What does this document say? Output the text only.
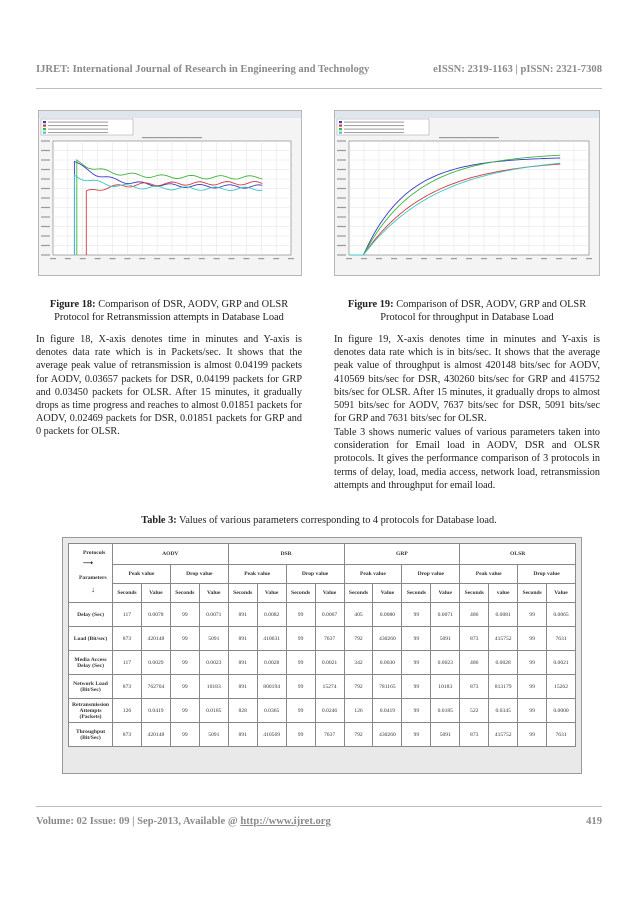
IJRET: International Journal of Research in Engineering and Technology	eISSN: 2319-1163 | pISSN: 2321-7308
Figure 18: Comparison of DSR, AODV, GRP and OLSR Protocol for Retransmission attempts in Database Load
Figure 19: Comparison of DSR, AODV, GRP and OLSR Protocol for throughput in Database Load
In figure 18, X-axis denotes time in minutes and Y-axis is denotes data rate which is in Packets/sec. It shows that the average peak value of retransmission is almost 0.04199 packets for AODV, 0.03657 packets for DSR, 0.04199 packets for GRP and 0.03450 packets for OLSR. After 15 minutes, it gradually drops as time progress and reaches to almost 0.01851 packets for AODV, 0.02469 packets for DSR, 0.01851 packets for GRP and 0 packets for OLSR.
In figure 19, X-axis denotes time in minutes and Y-axis is denotes data rate which is in bits/sec. It shows that the average peak value of throughput is almost 420148 bits/sec for AODV, 410569 bits/sec for DSR, 430260 bits/sec for GRP and 415752 bits/sec for OLSR. After 15 minutes, it gradually drops to almost 5091 bits/sec for AODV, 7637 bits/sec for DSR, 5091 bits/sec for GRP and 7631 bits/sec for OLSR.
Table 3 shows numeric values of various parameters taken into consideration for Email load in AODV, DSR and OLSR protocols. It gives the performance comparison of 3 protocols in terms of delay, load, media access, network load, retransmission attempts and throughput for email load.
Table 3: Values of various parameters corresponding to 4 protocols for Database load.
Protocols
⟶
Parameters
↓	AODV				DSR				GRP				OLSR			
	Peak value		Drop value		Peak value		Drop value		Peak value		Drop value		Peak value		Drop value	
	Seconds	Value	Seconds	Value	Seconds	Value	Seconds	Value	Seconds	Value	Seconds	Value	Seconds	value	Seconds	Value
Delay (Sec)	117	0.0078	99	0.0071	891	0.0082	99	0.0067	405	0.0080	99	0.0071	486	0.0081	99	0.0065
Load (Bit/sec)	873	420148	99	5091	891	410631	99	7637	792	430260	99	5091	873	415752	99	7631
Media Access Delay (Sec)	117	0.0029	99	0.0023	891	0.0028	99	0.0021	342	0.0030	99	0.0023	486	0.0028	99	0.0021
Network Load (Bit/Sec)	873	762704	99	10183	891	800194	99	15274	792	781165	99	10183	873	813179	99	15262
Retransmission Attempts (Packets)	126	0.0419	99	0.0185	828	0.0365	99	0.0246	126	0.0419	99	0.0185	522	0.0345	99	0.0000
Throughput (Bit/Sec)	873	420148	99	5091	891	410569	99	7637	792	430260	99	5091	873	415752	99	7631
Volume: 02 Issue: 09 | Sep-2013, Available @ http://www.ijret.org	419
